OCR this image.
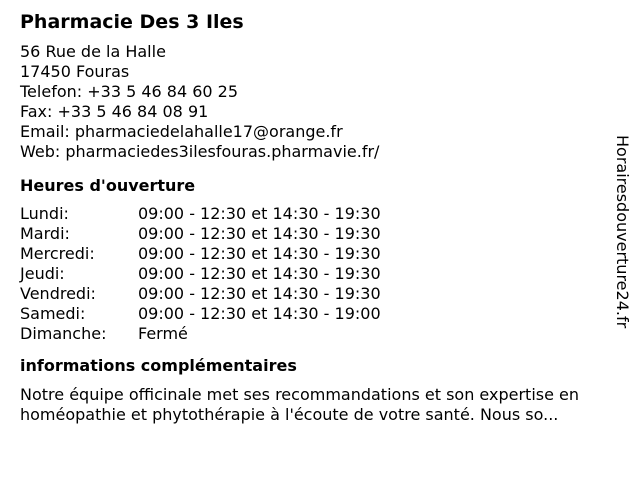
Pharmacie Des 3 Iles
56 Rue de la Halle
17450 Fouras
Telefon: +33 5 46 84 60 25
Fax: +33 5 46 84 08 91
Email: pharmaciedelahalle17@orange.fr
Web: pharmaciedes3ilesfouras.pharmavie.fr/
Heures d'ouverture
Lundi:	09:00 - 12:30 et 14:30 - 19:30
Mardi:	09:00 - 12:30 et 14:30 - 19:30
Mercredi:	09:00 - 12:30 et 14:30 - 19:30
Jeudi:	09:00 - 12:30 et 14:30 - 19:30
Vendredi:	09:00 - 12:30 et 14:30 - 19:30
Samedi:	09:00 - 12:30 et 14:30 - 19:00
Dimanche:	Fermé
informations complémentaires
Notre équipe officinale met ses recommandations et son expertise en homéopathie et phytothérapie à l'écoute de votre santé. Nous so...
Horairesdouverture24.fr
